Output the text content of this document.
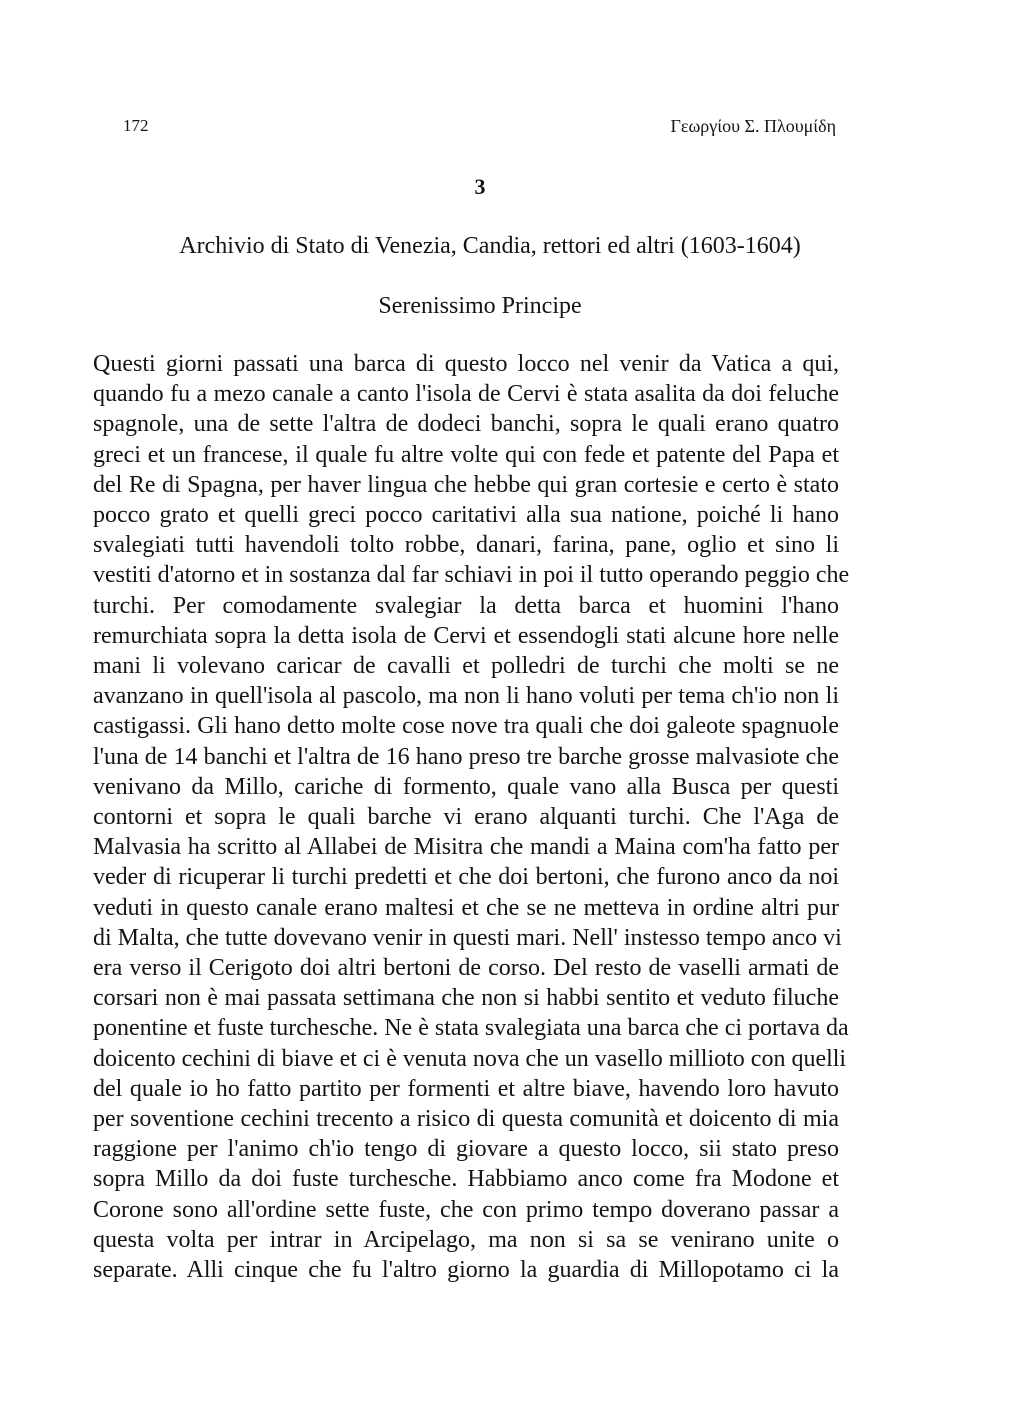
172	Γεωργίου Σ. Πλουμίδη
3
Archivio di Stato di Venezia, Candia, rettori ed altri (1603-1604)
Serenissimo Principe
Questi giorni passati una barca di questo locco nel venir da Vatica a qui,
quando fu a mezo canale a canto l'isola de Cervi è stata asalita da doi feluche
spagnole, una de sette l'altra de dodeci banchi, sopra le quali erano quatro
greci et un francese, il quale fu altre volte qui con fede et patente del Papa et
del Re di Spagna, per haver lingua che hebbe qui gran cortesie e certo è stato
pocco grato et quelli greci pocco caritativi alla sua natione, poiché li hano
svalegiati tutti havendoli tolto robbe, danari, farina, pane, oglio et sino li
vestiti d'atorno et in sostanza dal far schiavi in poi il tutto operando peggio che
turchi. Per comodamente svalegiar la detta barca et huomini l'hano
remurchiata sopra la detta isola de Cervi et essendogli stati alcune hore nelle
mani li volevano caricar de cavalli et polledri de turchi che molti se ne
avanzano in quell'isola al pascolo, ma non li hano voluti per tema ch'io non li
castigassi. Gli hano detto molte cose nove tra quali che doi galeote spagnuole
l'una de 14 banchi et l'altra de 16 hano preso tre barche grosse malvasiote che
venivano da Millo, cariche di formento, quale vano alla Busca per questi
contorni et sopra le quali barche vi erano alquanti turchi. Che l'Aga de
Malvasia ha scritto al Allabei de Misitra che mandi a Maina com'ha fatto per
veder di ricuperar li turchi predetti et che doi bertoni, che furono anco da noi
veduti in questo canale erano maltesi et che se ne metteva in ordine altri pur
di Malta, che tutte dovevano venir in questi mari. Nell' instesso tempo anco vi
era verso il Cerigoto doi altri bertoni de corso. Del resto de vaselli armati de
corsari non è mai passata settimana che non si habbi sentito et veduto filuche
ponentine et fuste turchesche. Ne è stata svalegiata una barca che ci portava da
doicento cechini di biave et ci è venuta nova che un vasello millioto con quelli
del quale io ho fatto partito per formenti et altre biave, havendo loro havuto
per soventione cechini trecento a risico di questa comunità et doicento di mia
raggione per l'animo ch'io tengo di giovare a questo locco, sii stato preso
sopra Millo da doi fuste turchesche. Habbiamo anco come fra Modone et
Corone sono all'ordine sette fuste, che con primo tempo doverano passar a
questa volta per intrar in Arcipelago, ma non si sa se venirano unite o
separate. Alli cinque che fu l'altro giorno la guardia di Millopotamo ci la
